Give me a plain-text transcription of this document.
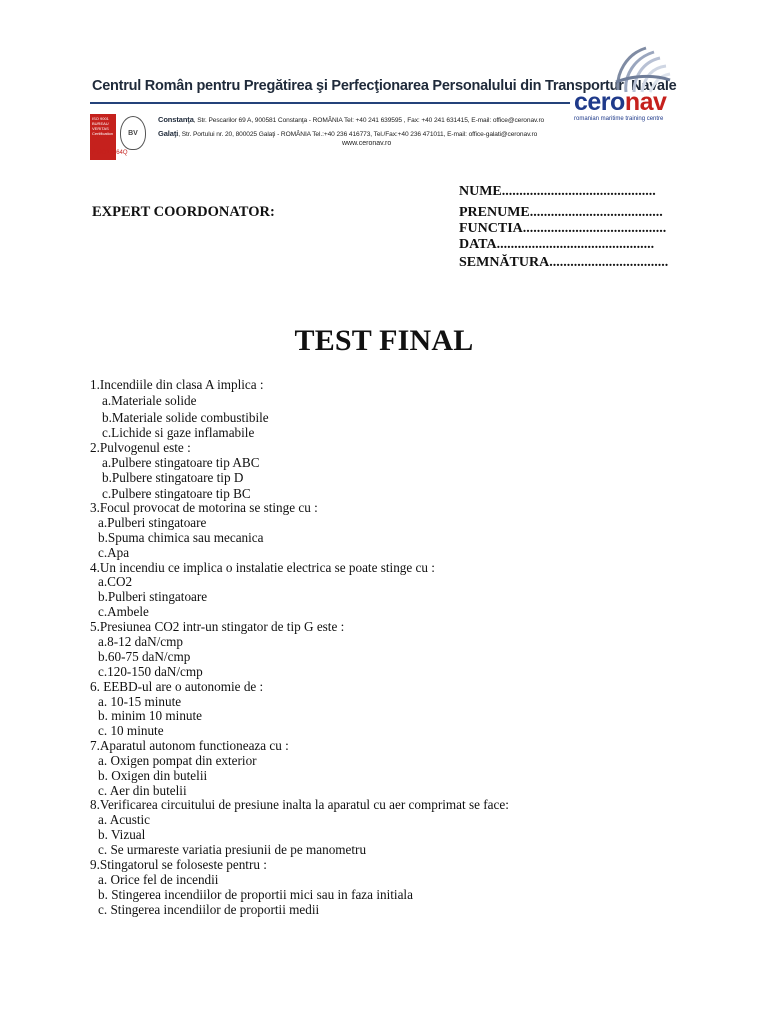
Centrul Român pentru Pregătirea şi Perfecţionarea Personalului din Transporturi Navale
ISO 9001 BUREAU VERITAS Certification	BV
nº RO17164Q
Constanţa, Str. Pescarilor 69 A, 900581 Constanţa - ROMÂNIA Tel: +40 241 639595 , Fax: +40 241 631415, E-mail: office@ceronav.ro
Galaţi, Str. Portului nr. 20, 800025 Galaţi - ROMÂNIA Tel.:+40 236 416773, Tel./Fax:+40 236 471011, E-mail: office-galati@ceronav.ro
www.ceronav.ro
ceronav
romanian maritime training centre
EXPERT COORDONATOR:
NUME............................................
PRENUME......................................
FUNCTIA.........................................
DATA.............................................
SEMNĂTURA..................................
TEST FINAL
1.Incendiile din clasa A implica :
a.Materiale solide
b.Materiale solide combustibile
c.Lichide si gaze inflamabile
2.Pulvogenul este :
a.Pulbere stingatoare tip ABC
b.Pulbere stingatoare tip D
c.Pulbere stingatoare tip BC
3.Focul provocat de motorina se stinge cu :
a.Pulberi stingatoare
b.Spuma chimica sau mecanica
c.Apa
4.Un incendiu ce implica o instalatie electrica se poate stinge cu :
a.CO2
b.Pulberi stingatoare
c.Ambele
5.Presiunea CO2 intr-un stingator de tip G este :
a.8-12 daN/cmp
b.60-75 daN/cmp
c.120-150 daN/cmp
6. EEBD-ul are o autonomie de :
a. 10-15 minute
b. minim 10 minute
c. 10 minute
7.Aparatul autonom functioneaza cu :
a. Oxigen pompat din exterior
b. Oxigen din butelii
c. Aer din butelii
8.Verificarea circuitului de presiune inalta la aparatul cu aer comprimat se face:
a. Acustic
b. Vizual
c. Se urmareste variatia presiunii de pe manometru
9.Stingatorul se foloseste pentru :
a. Orice fel de incendii
b. Stingerea incendiilor de proportii mici sau in faza initiala
c. Stingerea incendiilor de proportii medii
